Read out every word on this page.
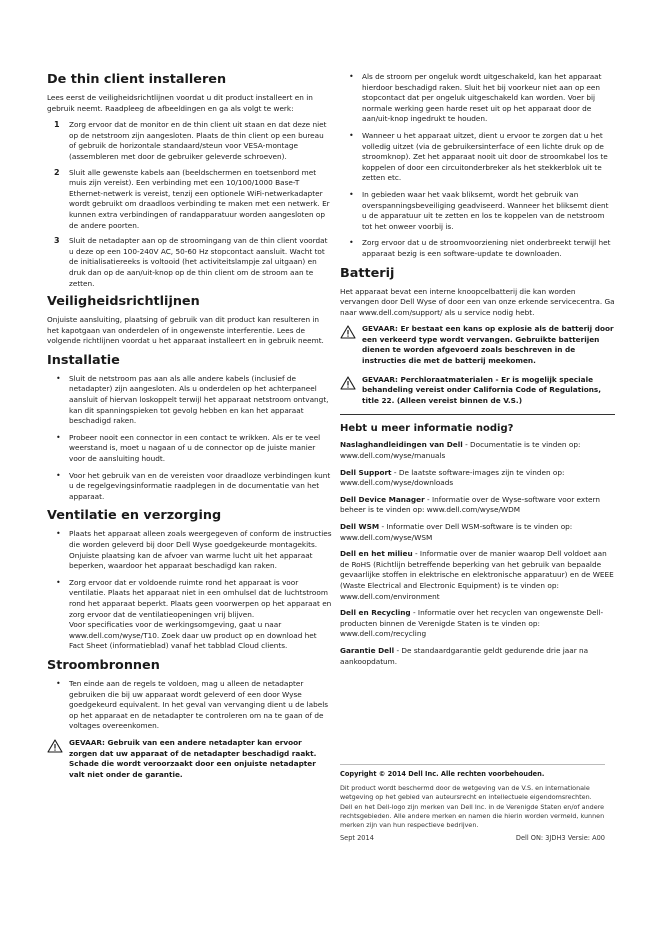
De thin client installeren
Lees eerst de veiligheidsrichtlijnen voordat u dit product installeert en in gebruik neemt. Raadpleeg de afbeeldingen en ga als volgt te werk:
1 Zorg ervoor dat de monitor en de thin client uit staan en dat deze niet op de netstroom zijn aangesloten. Plaats de thin client op een bureau of gebruik de horizontale standaard/steun voor VESA-montage (assembleren met door de gebruiker geleverde schroeven).
2 Sluit alle gewenste kabels aan (beeldschermen en toetsenbord met muis zijn vereist). Een verbinding met een 10/100/1000 Base-T Ethernet-netwerk is vereist, tenzij een optionele WiFi-netwerkadapter wordt gebruikt om draadloos verbinding te maken met een netwerk. Er kunnen extra verbindingen of randapparatuur worden aangesloten op de andere poorten.
3 Sluit de netadapter aan op de stroomingang van de thin client voordat u deze op een 100-240V AC, 50-60 Hz stopcontact aansluit. Wacht tot de initialisatiereeks is voltooid (het activiteitslampje zal uitgaan) en druk dan op de aan/uit-knop op de thin client om de stroom aan te zetten.
Veiligheidsrichtlijnen
Onjuiste aansluiting, plaatsing of gebruik van dit product kan resulteren in het kapotgaan van onderdelen of in ongewenste interferentie. Lees de volgende richtlijnen voordat u het apparaat installeert en in gebruik neemt.
Installatie
• Sluit de netstroom pas aan als alle andere kabels (inclusief de netadapter) zijn aangesloten. Als u onderdelen op het achterpaneel aansluit of hiervan loskoppelt terwijl het apparaat netstroom ontvangt, kan dit spanningspieken tot gevolg hebben en kan het apparaat beschadigd raken.
• Probeer nooit een connector in een contact te wrikken. Als er te veel weerstand is, moet u nagaan of u de connector op de juiste manier voor de aansluiting houdt.
• Voor het gebruik van en de vereisten voor draadloze verbindingen kunt u de regelgevingsinformatie raadplegen in de documentatie van het apparaat.
Ventilatie en verzorging
• Plaats het apparaat alleen zoals weergegeven of conform de instructies die worden geleverd bij door Dell Wyse goedgekeurde montagekits. Onjuiste plaatsing kan de afvoer van warme lucht uit het apparaat beperken, waardoor het apparaat beschadigd kan raken.
• Zorg ervoor dat er voldoende ruimte rond het apparaat is voor ventilatie. Plaats het apparaat niet in een omhulsel dat de luchtstroom rond het apparaat beperkt. Plaats geen voorwerpen op het apparaat en zorg ervoor dat de ventilatieopeningen vrij blijven.
Voor specificaties voor de werkingsomgeving, gaat u naar www.dell.com/wyse/T10. Zoek daar uw product op en download het Fact Sheet (informatieblad) vanaf het tabblad Cloud clients.
Stroombronnen
• Ten einde aan de regels te voldoen, mag u alleen de netadapter gebruiken die bij uw apparaat wordt geleverd of een door Wyse goedgekeurd equivalent. In het geval van vervanging dient u de labels op het apparaat en de netadapter te controleren om na te gaan of de voltages overeenkomen.
GEVAAR: Gebruik van een andere netadapter kan ervoor zorgen dat uw apparaat of de netadapter beschadigd raakt. Schade die wordt veroorzaakt door een onjuiste netadapter valt niet onder de garantie.
• Als de stroom per ongeluk wordt uitgeschakeld, kan het apparaat hierdoor beschadigd raken. Sluit het bij voorkeur niet aan op een stopcontact dat per ongeluk uitgeschakeld kan worden. Voer bij normale werking geen harde reset uit op het apparaat door de aan/uit-knop ingedrukt te houden.
• Wanneer u het apparaat uitzet, dient u ervoor te zorgen dat u het volledig uitzet (via de gebruikersinterface of een lichte druk op de stroomknop). Zet het apparaat nooit uit door de stroomkabel los te koppelen of door een circuitonderbreker als het stekkerblok uit te zetten etc.
• In gebieden waar het vaak bliksemt, wordt het gebruik van overspanningsbeveiliging geadviseerd. Wanneer het bliksemt dient u de apparatuur uit te zetten en los te koppelen van de netstroom tot het onweer voorbij is.
• Zorg ervoor dat u de stroomvoorziening niet onderbreekt terwijl het apparaat bezig is een software-update te downloaden.
Batterij
Het apparaat bevat een interne knoopcelbatterij die kan worden vervangen door Dell Wyse of door een van onze erkende servicecentra. Ga naar www.dell.com/support/ als u service nodig hebt.
GEVAAR: Er bestaat een kans op explosie als de batterij door een verkeerd type wordt vervangen. Gebruikte batterijen dienen te worden afgevoerd zoals beschreven in de instructies die met de batterij meekomen.
GEVAAR: Perchloraatmaterialen - Er is mogelijk speciale behandeling vereist onder California Code of Regulations, title 22. (Alleen vereist binnen de V.S.)
Hebt u meer informatie nodig?
Naslaghandleidingen van Dell - Documentatie is te vinden op: www.dell.com/wyse/manuals
Dell Support - De laatste software-images zijn te vinden op: www.dell.com/wyse/downloads
Dell Device Manager - Informatie over de Wyse-software voor extern beheer is te vinden op: www.dell.com/wyse/WDM
Dell WSM - Informatie over Dell WSM-software is te vinden op: www.dell.com/wyse/WSM
Dell en het milieu - Informatie over de manier waarop Dell voldoet aan de RoHS (Richtlijn betreffende beperking van het gebruik van bepaalde gevaarlijke stoffen in elektrische en elektronische apparatuur) en de WEEE (Waste Electrical and Electronic Equipment) is te vinden op: www.dell.com/environment
Dell en Recycling - Informatie over het recyclen van ongewenste Dell-producten binnen de Verenigde Staten is te vinden op: www.dell.com/recycling
Garantie Dell - De standaardgarantie geldt gedurende drie jaar na aankoopdatum.
Copyright © 2014 Dell Inc. Alle rechten voorbehouden.
Dit product wordt beschermd door de wetgeving van de V.S. en internationale wetgeving op het gebied van auteursrecht en intellectuele eigendomsrechten. Dell en het Dell-logo zijn merken van Dell Inc. in de Verenigde Staten en/of andere rechtsgebieden. Alle andere merken en namen die hierin worden vermeld, kunnen merken zijn van hun respectieve bedrijven.
Sept 2014	Dell ON: 3JDH3 Versie: A00
